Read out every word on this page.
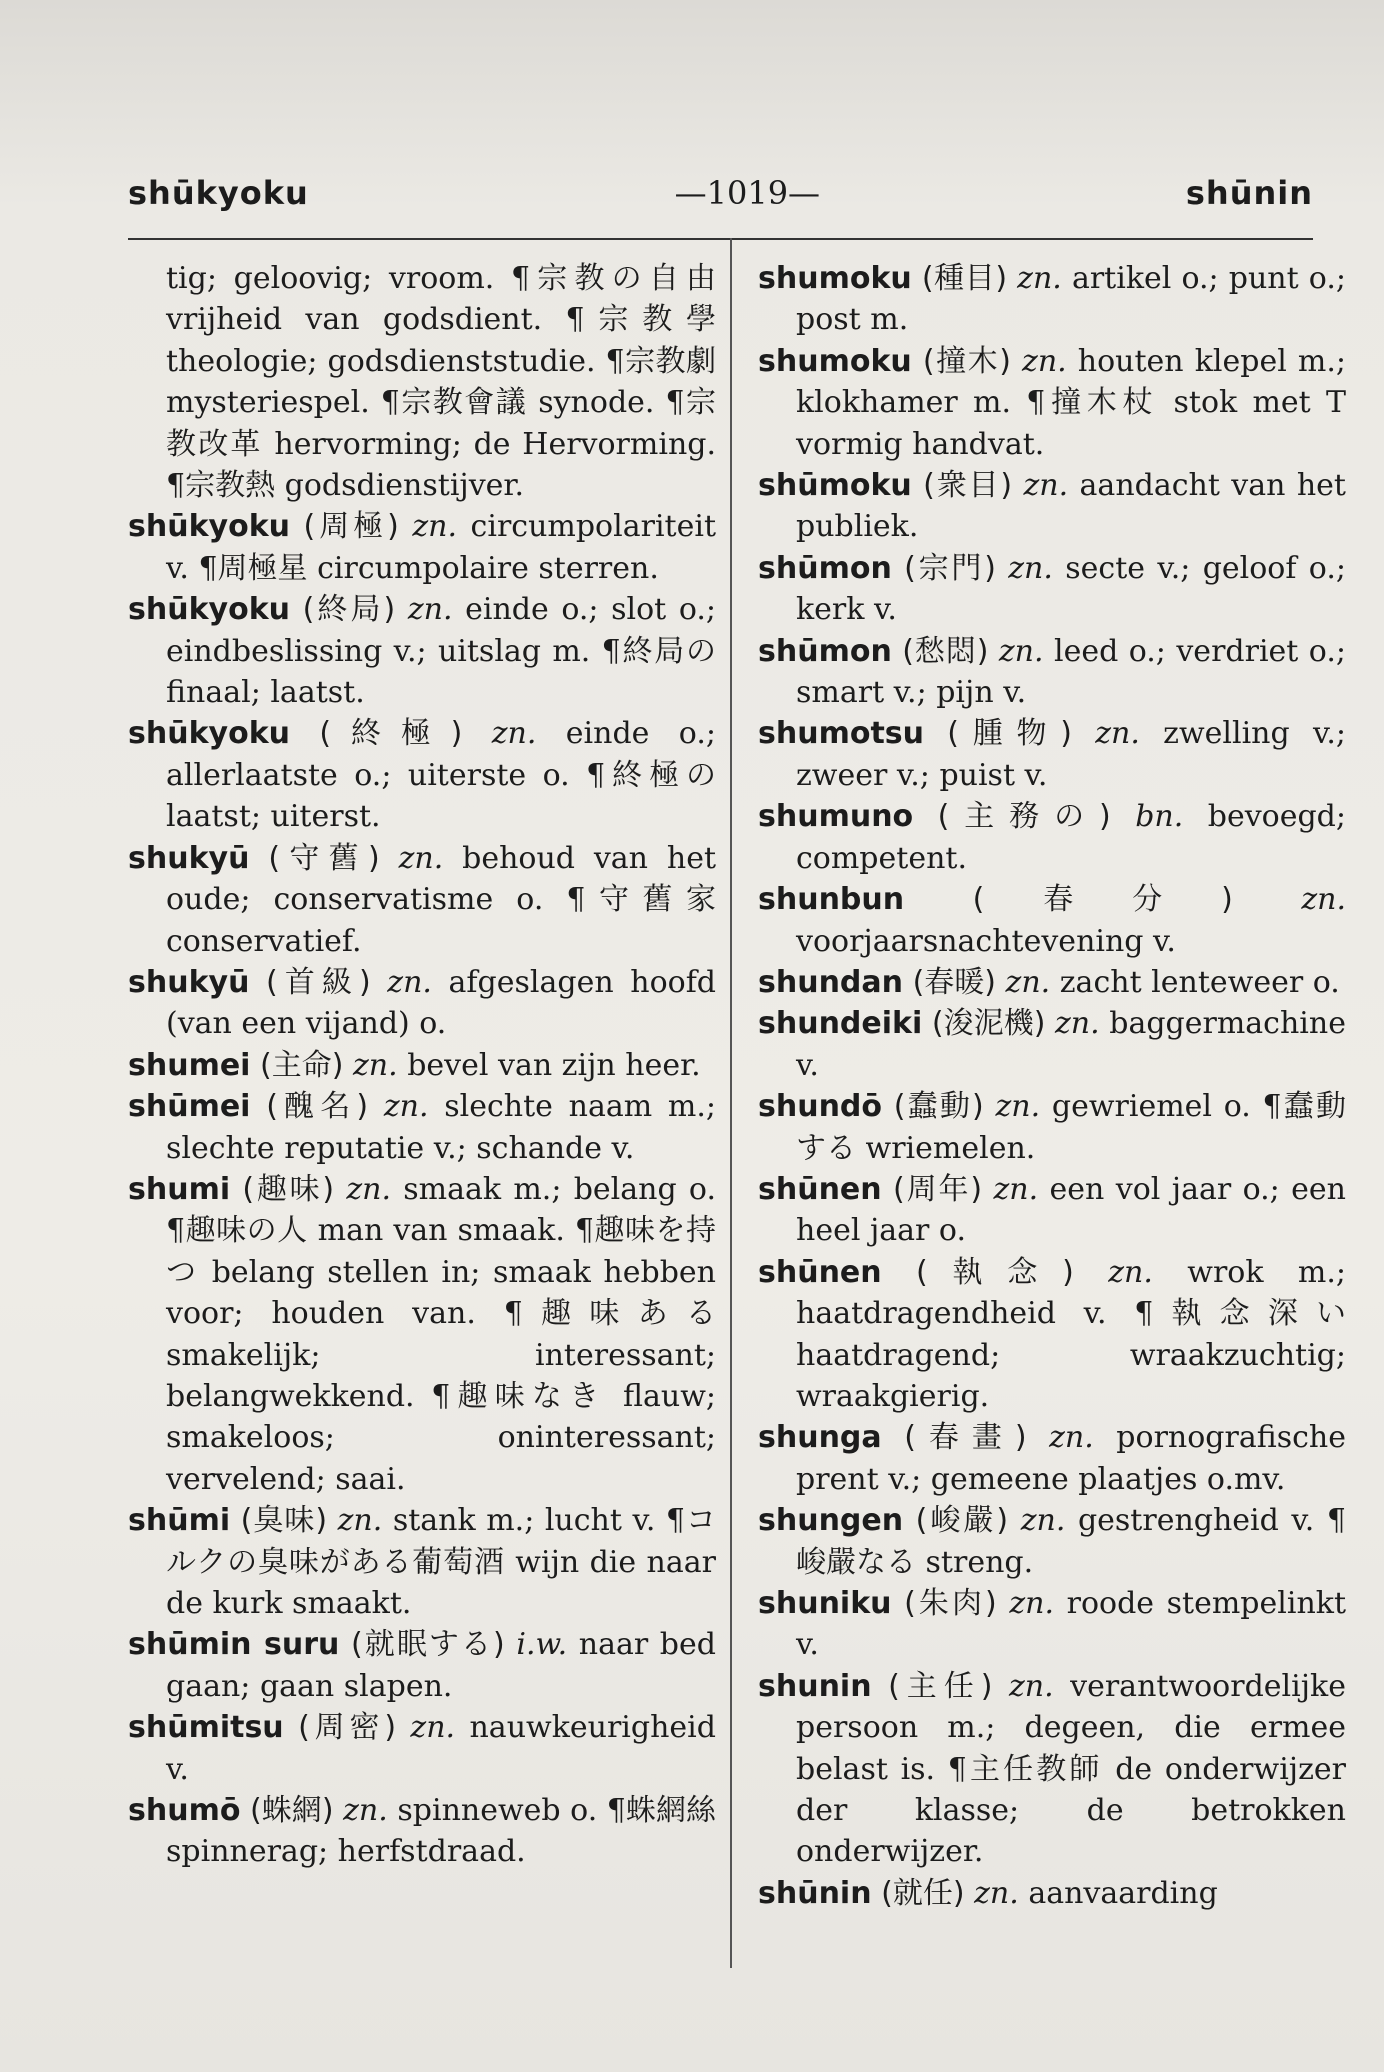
shūkyoku	—1019—	shūnin

tig; geloovig; vroom. ¶宗教の自由 vrijheid van godsdient. ¶宗教學 theologie; godsdienststudie. ¶宗教劇 mysteriespel. ¶宗教會議 synode. ¶宗教改革 hervorming; de Hervorming. ¶宗教熱 godsdienstijver.

shūkyoku (周極) zn. circumpolariteit v. ¶周極星 circumpolaire sterren.

shūkyoku (終局) zn. einde o.; slot o.; eindbeslissing v.; uitslag m. ¶終局の finaal; laatst.

shūkyoku (終極) zn. einde o.; allerlaatste o.; uiterste o. ¶終極の laatst; uiterst.

shukyū (守舊) zn. behoud van het oude; conservatisme o. ¶守舊家 conservatief.

shukyū (首級) zn. afgeslagen hoofd (van een vijand) o.

shumei (主命) zn. bevel van zijn heer.

shūmei (醜名) zn. slechte naam m.; slechte reputatie v.; schande v.

shumi (趣味) zn. smaak m.; belang o. ¶趣味の人 man van smaak. ¶趣味を持つ belang stellen in; smaak hebben voor; houden van. ¶趣味ある smakelijk; interessant; belangwekkend. ¶趣味なき flauw; smakeloos; oninteressant; vervelend; saai.

shūmi (臭味) zn. stank m.; lucht v. ¶コルクの臭味がある葡萄酒 wijn die naar de kurk smaakt.

shūmin suru (就眠する) i.w. naar bed gaan; gaan slapen.

shūmitsu (周密) zn. nauwkeurigheid v.

shumō (蛛網) zn. spinneweb o. ¶蛛網絲 spinnerag; herfstdraad.

shumoku (種目) zn. artikel o.; punt o.; post m.

shumoku (撞木) zn. houten klepel m.; klokhamer m. ¶撞木杖 stok met T vormig handvat.

shūmoku (衆目) zn. aandacht van het publiek.

shūmon (宗門) zn. secte v.; geloof o.; kerk v.

shūmon (愁悶) zn. leed o.; verdriet o.; smart v.; pijn v.

shumotsu (腫物) zn. zwelling v.; zweer v.; puist v.

shumuno (主務の) bn. bevoegd; competent.

shunbun (春分) zn. voorjaarsnachtevening v.

shundan (春暖) zn. zacht lenteweer o.

shundeiki (浚泥機) zn. baggermachine v.

shundō (蠢動) zn. gewriemel o. ¶蠢動する wriemelen.

shūnen (周年) zn. een vol jaar o.; een heel jaar o.

shūnen (執念) zn. wrok m.; haatdragendheid v. ¶執念深い haatdragend; wraakzuchtig; wraakgierig.

shunga (春畫) zn. pornografische prent v.; gemeene plaatjes o.mv.

shungen (峻嚴) zn. gestrengheid v. ¶峻嚴なる streng.

shuniku (朱肉) zn. roode stempelinkt v.

shunin (主任) zn. verantwoordelijke persoon m.; degeen, die ermee belast is. ¶主任教師 de onderwijzer der klasse; de betrokken onderwijzer.

shūnin (就任) zn. aanvaarding
